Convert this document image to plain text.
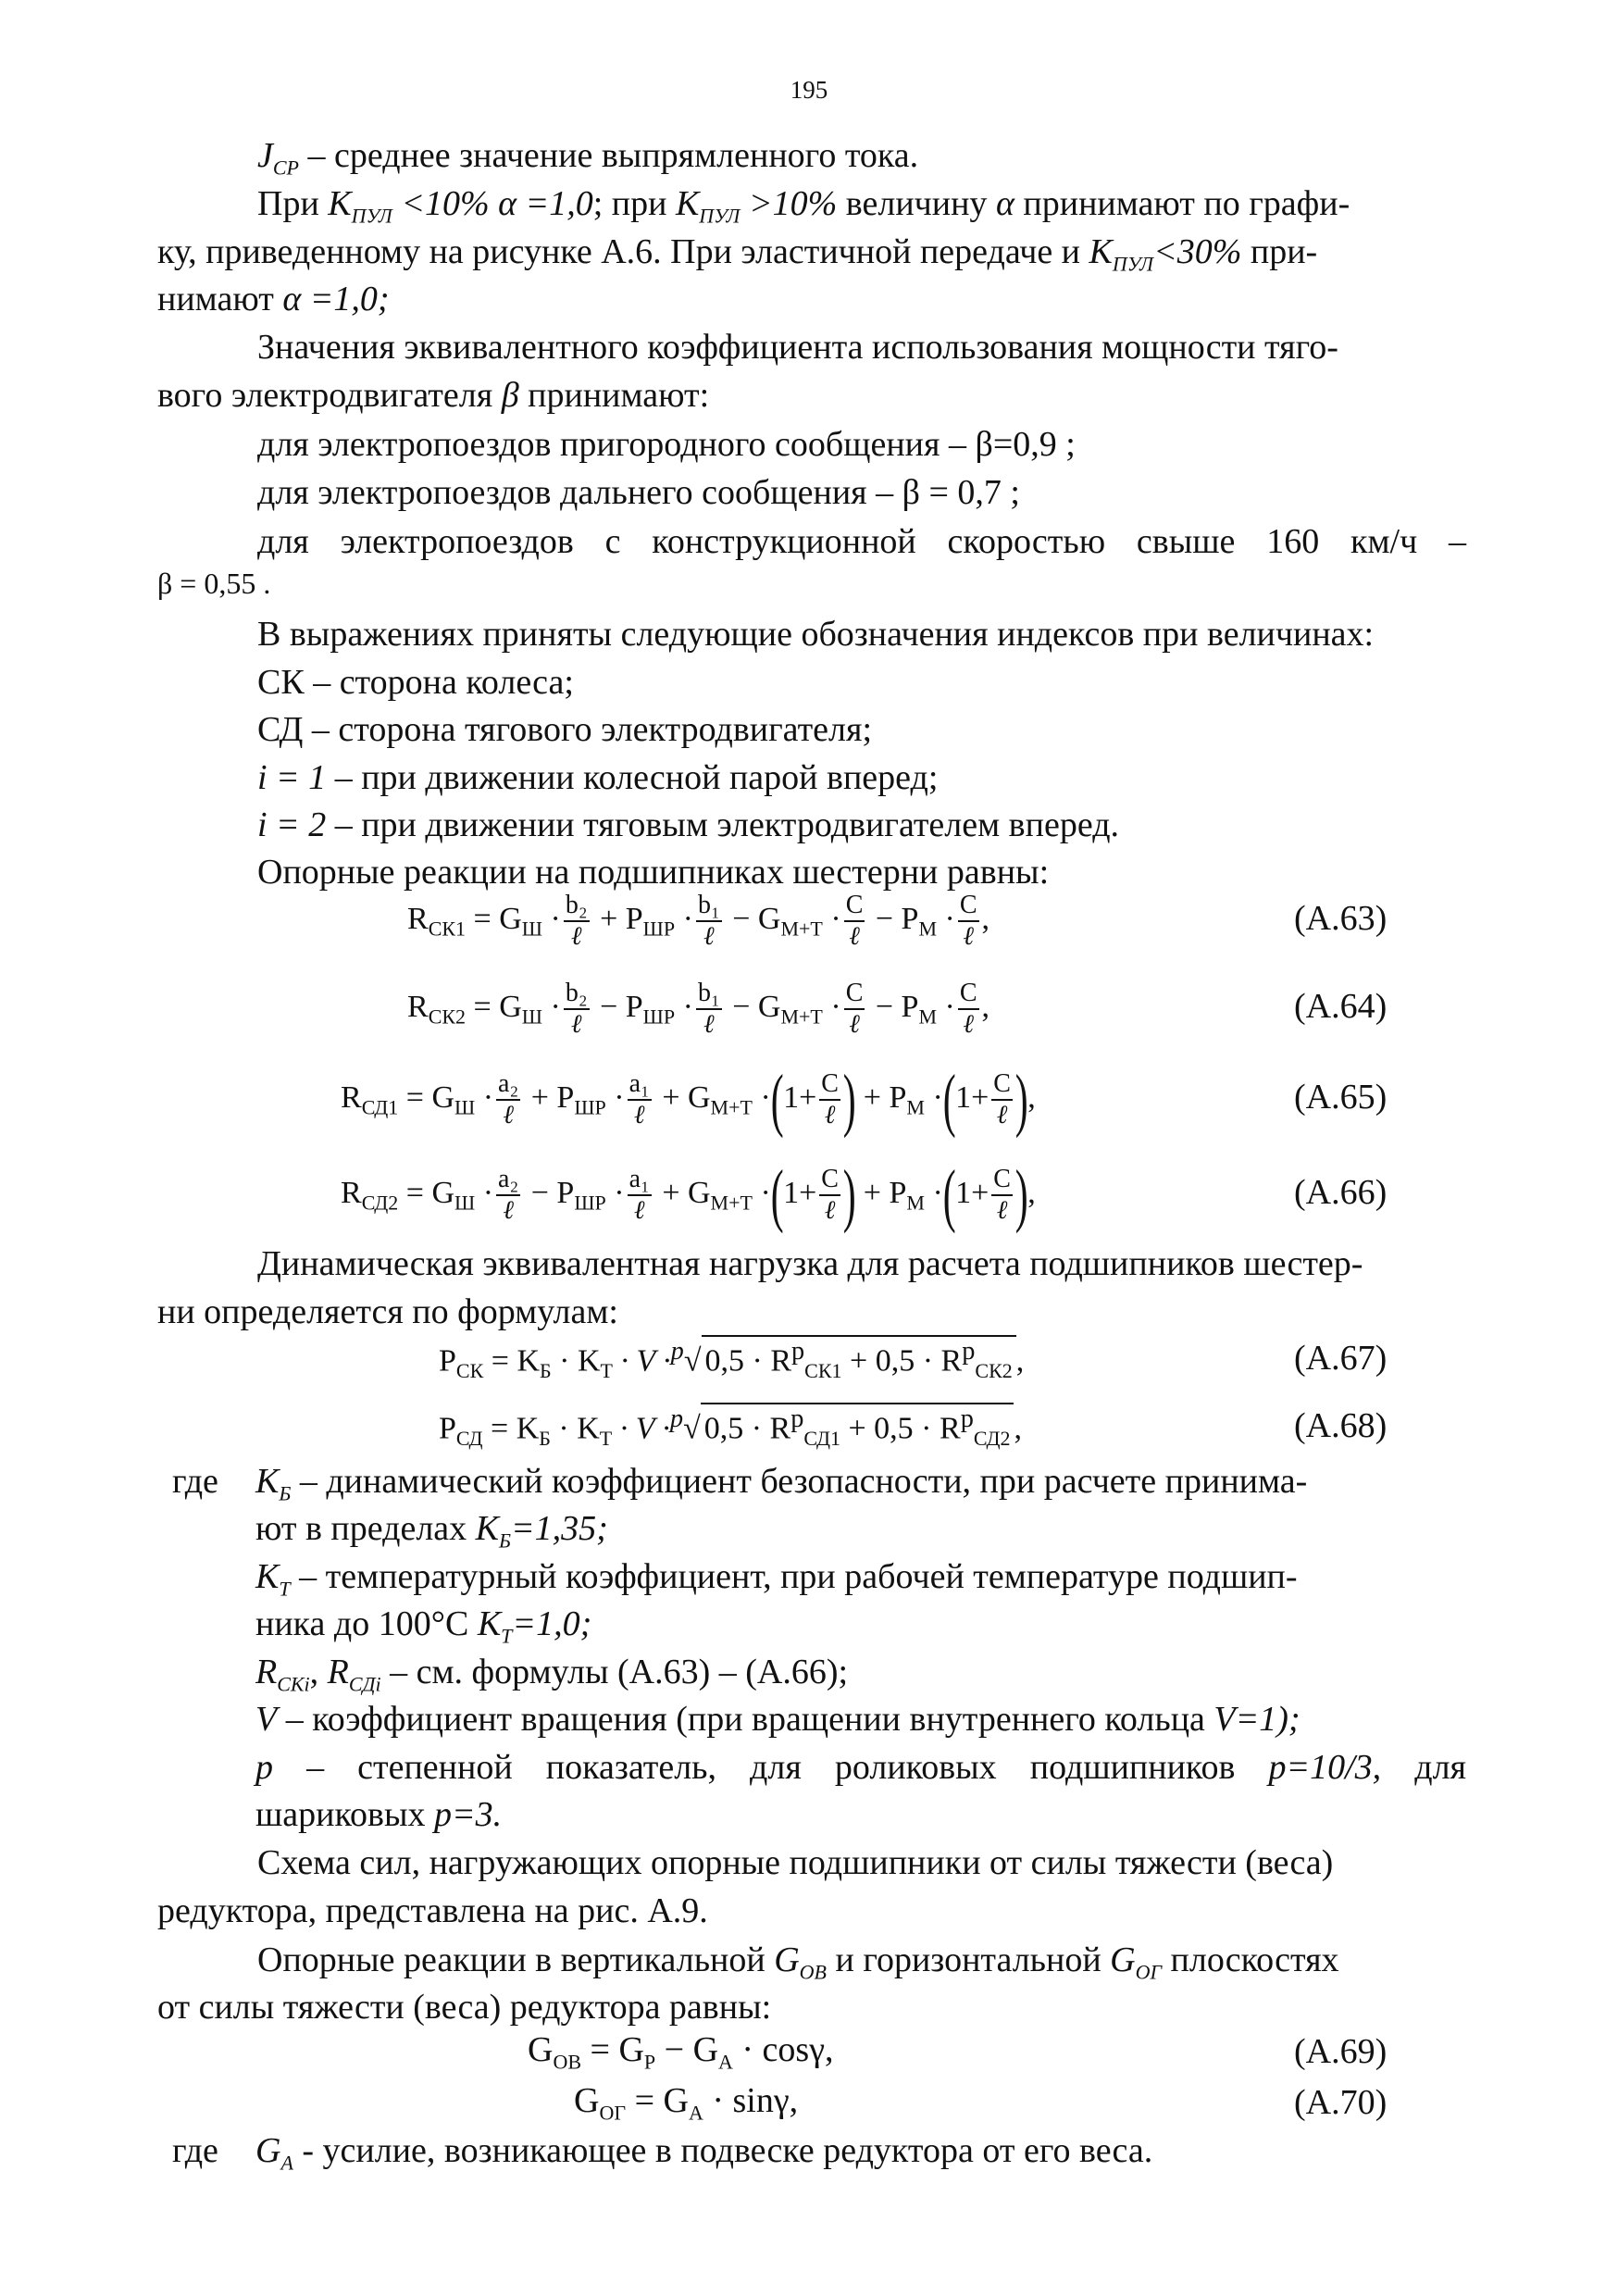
195
$J_{CP}$ – среднее значение выпрямленного тока.
При $K_{ПУЛ} <10\%$ α =1,0; при $K_{ПУЛ} >10\%$ величину α принимают по графи-
ку, приведенному на рисунке А.6. При эластичной передаче и $K_{ПУЛ}<30\%$ при-
нимают α =1,0;
Значения эквивалентного коэффициента использования мощности тяго-
вого электродвигателя β принимают:
для электропоездов пригородного сообщения – β=0,9 ;
для электропоездов дальнего сообщения – β = 0,7 ;
для электропоездов с конструкционной скоростью свыше 160 км/ч –
β = 0,55 .
В выражениях приняты следующие обозначения индексов при величинах:
СК – сторона колеса;
СД – сторона тягового электродвигателя;
i = 1 – при движении колесной парой вперед;
i = 2 – при движении тяговым электродвигателем вперед.
Опорные реакции на подшипниках шестерни равны:
$R_{СК1} = G_Ш \cdot b_2$
ℓ
+ $P_{ШР} \cdot b_1$
ℓ
− $G_{М+Т} \cdot C$
ℓ
− $P_М \cdot C$
ℓ
,	(А.63)
$R_{СК2} = G_Ш \cdot b_2$
ℓ
− $P_{ШР} \cdot b_1$
ℓ
− $G_{М+Т} \cdot C$
ℓ
− $P_М \cdot C$
ℓ
,	(А.64)
$R_{СД1} = G_Ш \cdot a_2$
ℓ
+ $P_{ШР} \cdot a_1$
ℓ
+ $G_{М+Т} \cdot(1+ C$
ℓ ) + $P_М \cdot(1+ C$
ℓ ),	(А.65)
$R_{СД2} = G_Ш \cdot a_2$
ℓ
− $P_{ШР} \cdot a_1$
ℓ
+ $G_{М+Т} \cdot(1+ C$
ℓ ) + $P_М \cdot(1+ C$
ℓ ),	(А.66)
Динамическая эквивалентная нагрузка для расчета подшипников шестер-
ни определяется по формулам:
$P_{СК} = K_Б \cdot K_Т \cdot V \cdot^p√$ $0,5 \cdot R^p_{СК1} + 0,5 \cdot R^p_{СК2}$ ,	(А.67)
$P_{СД} = K_Б \cdot K_Т \cdot V \cdot^p√$ $0,5 \cdot R^p_{СД1} + 0,5 \cdot R^p_{СД2}$ ,	(А.68)
где $K_Б$ – динамический коэффициент безопасности, при расчете принима-
ют в пределах $K_Б=1,35$;
$K_Т$ – температурный коэффициент, при рабочей температуре подшип-
ника до 100°С $K_Т=1,0$;
$R_{СКi}$, $R_{СДi}$ – см. формулы (А.63) – (А.66);
V – коэффициент вращения (при вращении внутреннего кольца V=1);
p – степенной показатель, для роликовых подшипников p=10/3, для
шариковых p=3.
Схема сил, нагружающих опорные подшипники от силы тяжести (веса)
редуктора, представлена на рис. А.9.
Опорные реакции в вертикальной $G_{ОВ}$ и горизонтальной $G_{ОГ}$ плоскостях
от силы тяжести (веса) редуктора равны:
$G_{ОВ} = G_Р - G_А \cdot \cos\gamma$,	(А.69)
$G_{ОГ} = G_А \cdot \sin\gamma$,	(А.70)
где $G_А$ - усилие, возникающее в подвеске редуктора от его веса.
